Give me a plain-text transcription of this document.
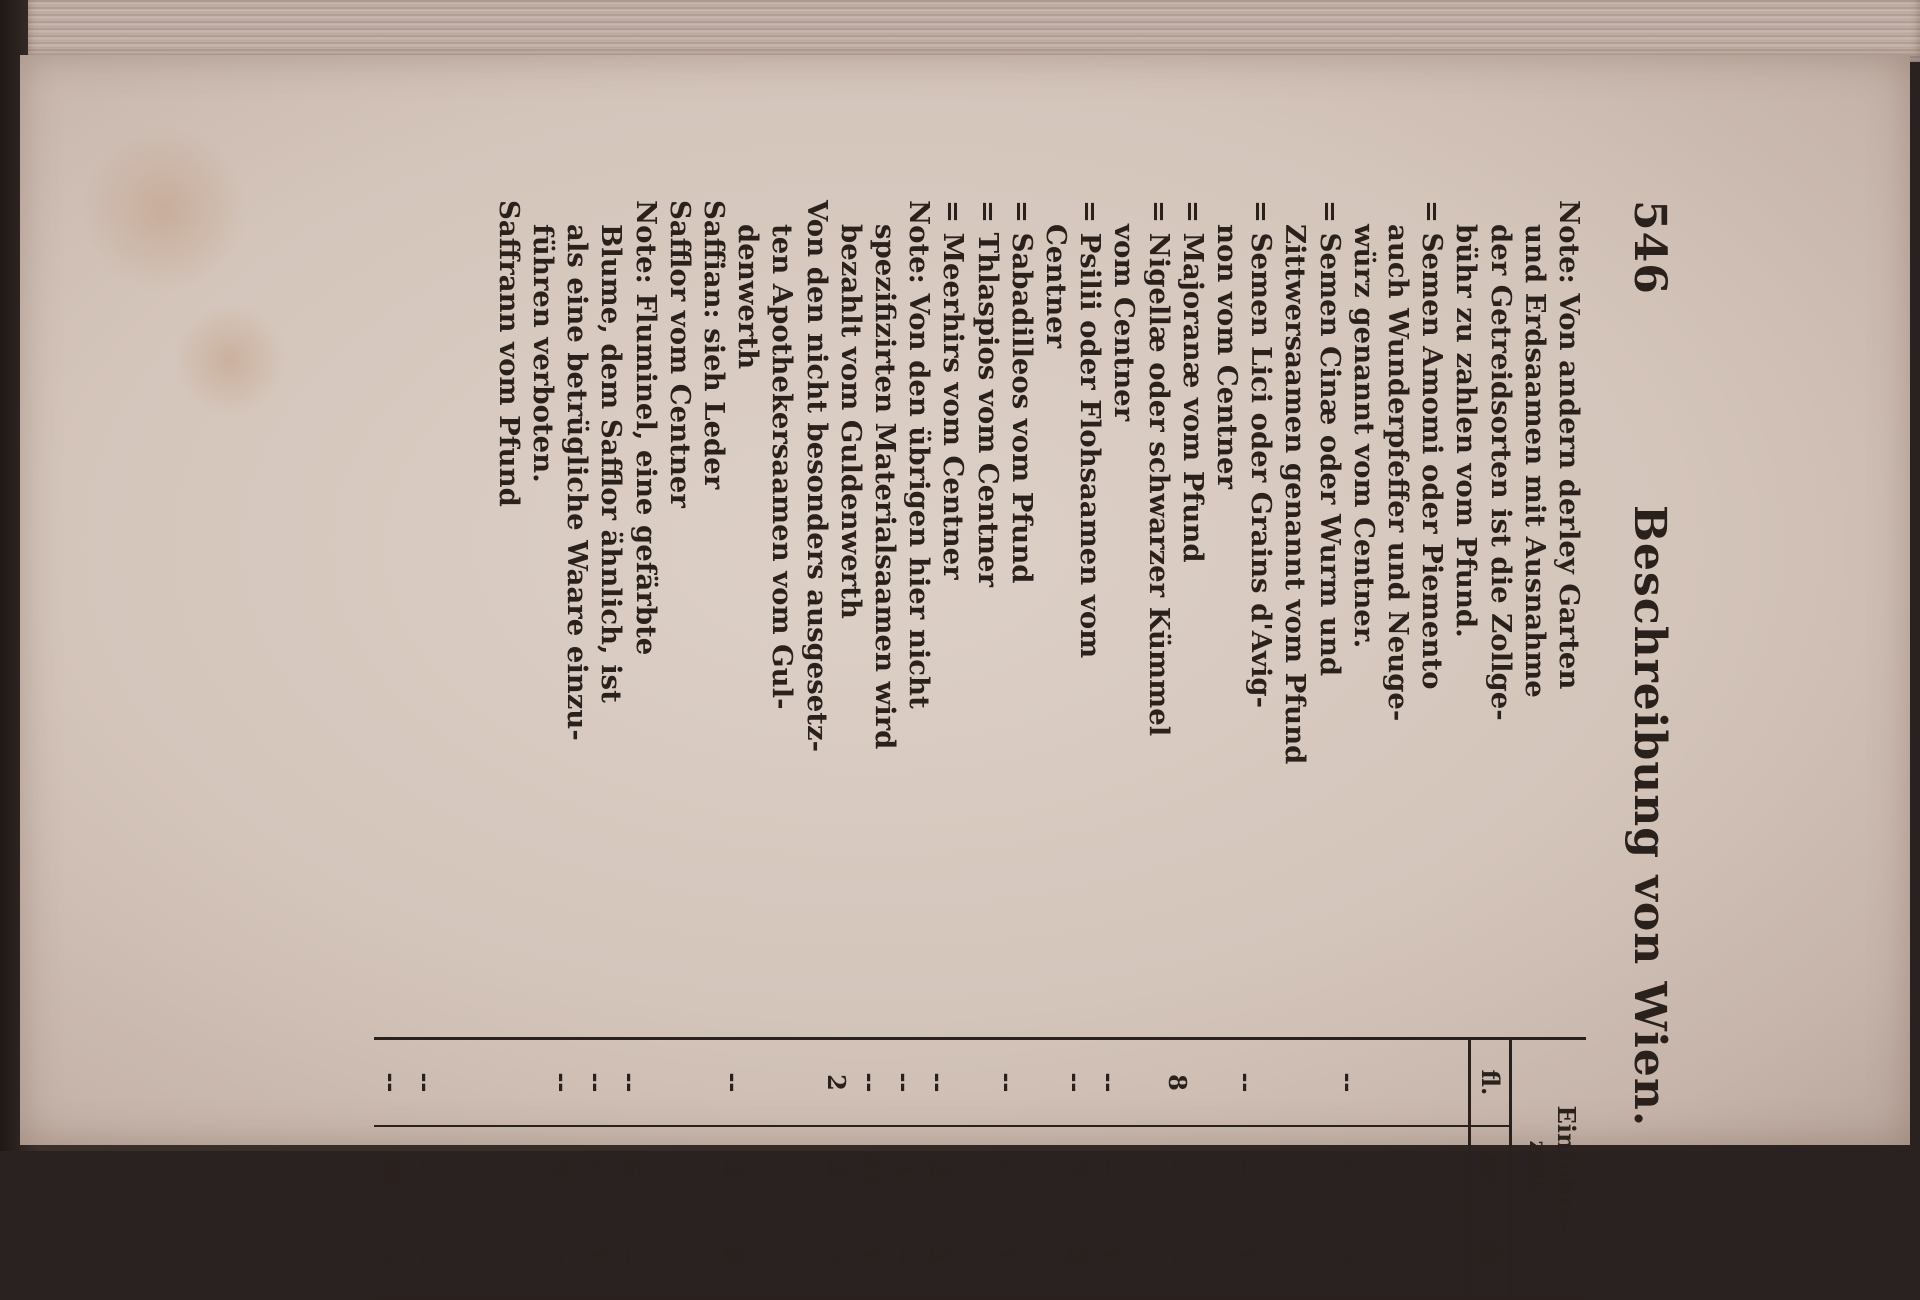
546
Beschreibung von Wien.
Note: Von andern derley Garten
und Erdsaamen mit Ausnahme
der Getreidsorten ist die Zollge-
bühr zu zahlen vom Pfund.
= Semen Amomi oder Piemento
auch Wunderpfeffer und Neuge-
würz genannt vom Centner.
= Semen Cinæ oder Wurm und
Zittwersaamen genannt vom Pfund
= Semen Lici oder Grains d'Avig-
non vom Centner
= Majoranæ vom Pfund
= Nigellæ oder schwarzer Kümmel
vom Centner
= Psilii oder Flohsaamen vom
Centner
= Sabadilleos vom Pfund
= Thlaspios vom Centner
= Meerhirs vom Centner
Note: Von den übrigen hier nicht
spezifizirten Materialsaamen wird
bezahlt vom Guldenwerth
Von den nicht besonders ausgesetz-
ten Apothekersaamen vom Gul-
denwerth
Saffian: sieh Leder
Safflor vom Centner
Note: Fluminel, eine gefärbte
Blume, dem Safflor ähnlich, ist
als eine betrügliche Waare einzu-
führen verboten.
Saffrann vom Pfund
Einfuhrs-
zoll.
fl.
kr
dr
--
--
--
--
--
1
8
--
--
--
--
1
--
7
2
--
--
1
--
2
2
--
4
--
--
24
1
2
2
--
--
2
2
--
6
--
--
--
1
--
9
--
--
--
--
--
36
--
